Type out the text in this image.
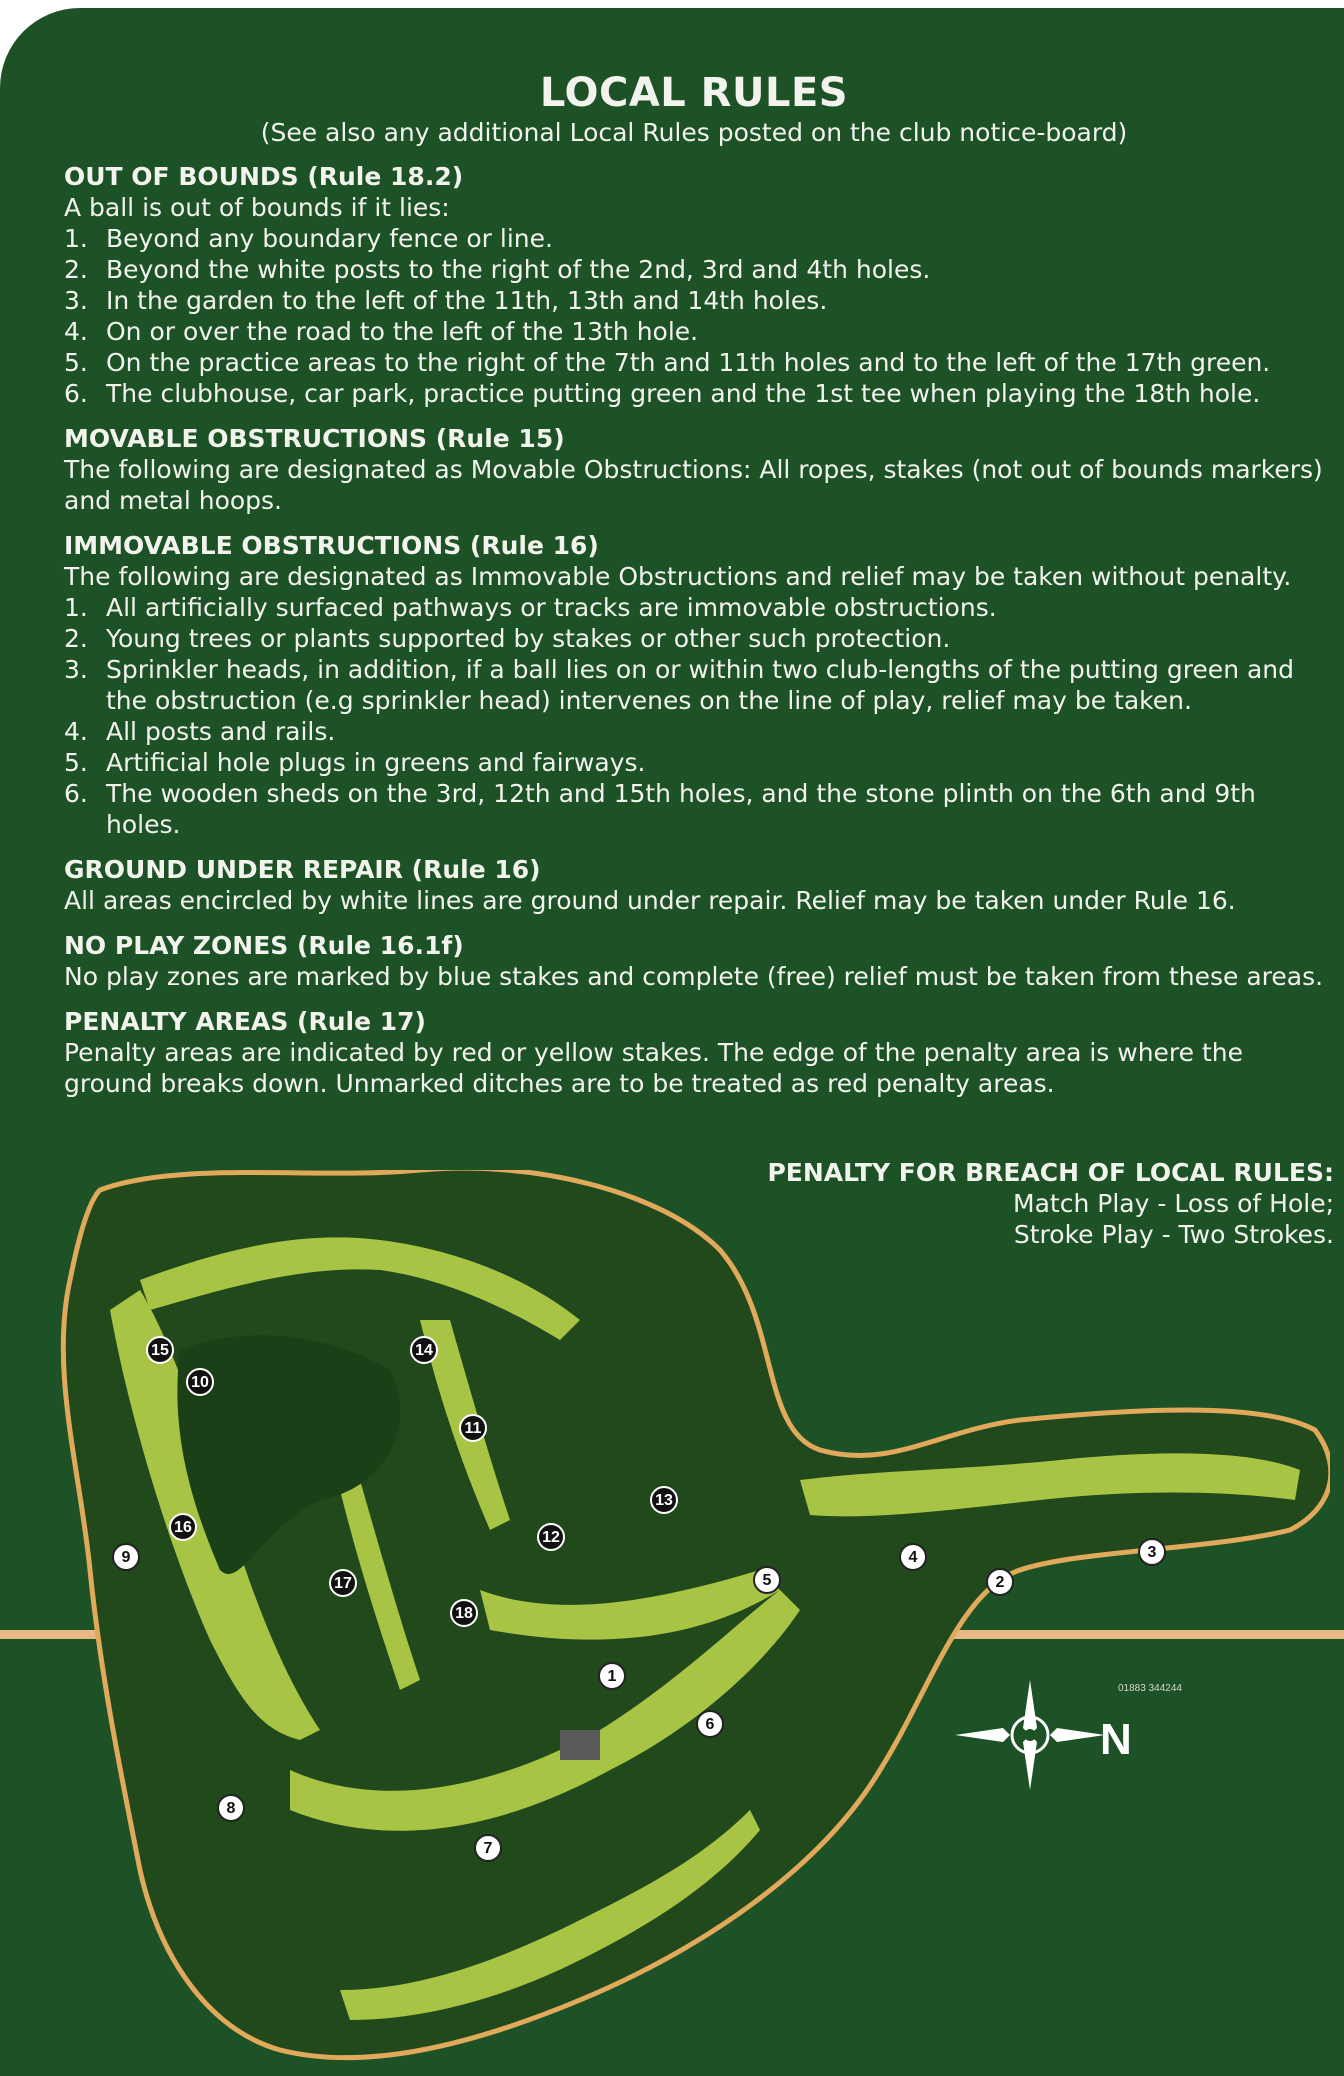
LOCAL RULES

(See also any additional Local Rules posted on the club notice-board)

OUT OF BOUNDS (Rule 18.2)

A ball is out of bounds if it lies:

1. Beyond any boundary fence or line.
2. Beyond the white posts to the right of the 2nd, 3rd and 4th holes.
3. In the garden to the left of the 11th, 13th and 14th holes.
4. On or over the road to the left of the 13th hole.
5. On the practice areas to the right of the 7th and 11th holes and to the left of the 17th green.
6. The clubhouse, car park, practice putting green and the 1st tee when playing the 18th hole.

MOVABLE OBSTRUCTIONS (Rule 15)

The following are designated as Movable Obstructions: All ropes, stakes (not out of bounds markers) and metal hoops.

IMMOVABLE OBSTRUCTIONS (Rule 16)

The following are designated as Immovable Obstructions and relief may be taken without penalty.

1. All artificially surfaced pathways or tracks are immovable obstructions.
2. Young trees or plants supported by stakes or other such protection.
3. Sprinkler heads, in addition, if a ball lies on or within two club-lengths of the putting green and the obstruction (e.g sprinkler head) intervenes on the line of play, relief may be taken.
4. All posts and rails.
5. Artificial hole plugs in greens and fairways.
6. The wooden sheds on the 3rd, 12th and 15th holes, and the stone plinth on the 6th and 9th holes.

GROUND UNDER REPAIR (Rule 16)

All areas encircled by white lines are ground under repair. Relief may be taken under Rule 16.

NO PLAY ZONES (Rule 16.1f)

No play zones are marked by blue stakes and complete (free) relief must be taken from these areas.

PENALTY AREAS (Rule 17)

Penalty areas are indicated by red or yellow stakes. The edge of the penalty area is where the ground breaks down. Unmarked ditches are to be treated as red penalty areas.

PENALTY FOR BREACH OF LOCAL RULES:
Match Play - Loss of Hole;
Stroke Play - Two Strokes.
1
2
3
4
5
6
7
8
9
10
11
12
13
14
15
16
17
18
N
01883 344244
